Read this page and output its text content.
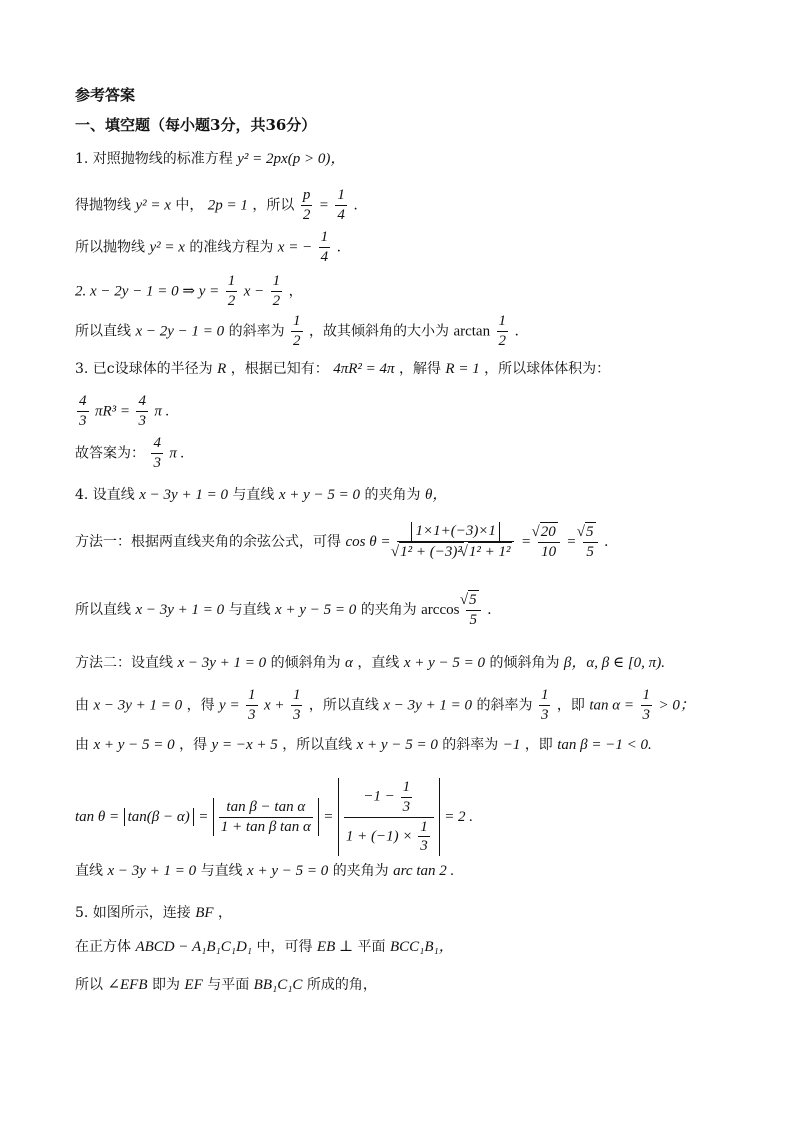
参考答案
一、填空题（每小题3分，共36分）
1. 对照抛物线的标准方程 y² = 2px(p > 0)，
得抛物线 y² = x 中， 2p = 1 ，所以 $\frac{p}{2} = \frac{1}{4}$ .
所以抛物线 y² = x 的准线方程为 x = − $\frac{1}{4}$ .
2. x − 2y − 1 = 0 ⇒ $y = \frac{1}{2}$ $x - \frac{1}{2}$ ，
所以直线 x − 2y − 1 = 0 的斜率为 $\frac{1}{2}$ ，故其倾斜角的大小为 $\arctan \frac{1}{2}$ .
3. 已c设球体的半径为 R ，根据已知有： 4πR² = 4π ，解得 R = 1 ，所以球体体积为：
$\frac{4}{3} \pi R^3 = \frac{4}{3}$ π .
故答案为： $\frac{4}{3}$ π .
4. 设直线 x − 3y + 1 = 0 与直线 x + y − 5 = 0 的夹角为 θ，
方法一：根据两直线夹角的余弦公式，可得 cos θ = 1×1+(−3)×1
√ 1² + (−3)² √ 1² + 1² = √ $\frac{20}{10}$ = √ $\frac{5}{5}$ .
所以直线 x − 3y + 1 = 0 与直线 x + y − 5 = 0 的夹角为 arccos √ $\frac{5}{5}$ .
方法二：设直线 x − 3y + 1 = 0 的倾斜角为 α ，直线 x + y − 5 = 0 的倾斜角为 β，α, β ∈ [0, π).
由 x − 3y + 1 = 0 ，得 $y = \frac{1}{3}$ $x + \frac{1}{3}$ ，所以直线 x − 3y + 1 = 0 的斜率为 $\frac{1}{3}$ ，即 $\tan \alpha = \frac{1}{3} > 0$；
由 x + y − 5 = 0 ，得 y = −x + 5 ，所以直线 x + y − 5 = 0 的斜率为 −1 ，即 tan β = −1 < 0.
$\tan \theta = \tan(\beta - \alpha) = \frac{\text{tan β − tan α}}{\text{1 + tan β tan α}} = \frac{-1 - \frac{1}{3}}{1 + (-1) \times \frac{1}{3}} = 2$ .
直线 x − 3y + 1 = 0 与直线 x + y − 5 = 0 的夹角为 arc tan 2 .
5. 如图所示，连接 BF ，
在正方体 ABCD − A₁B₁C₁D₁ 中，可得 EB ⊥ 平面 BCC₁B₁，
所以 ∠EFB 即为 EF 与平面 BB₁C₁C 所成的角，
